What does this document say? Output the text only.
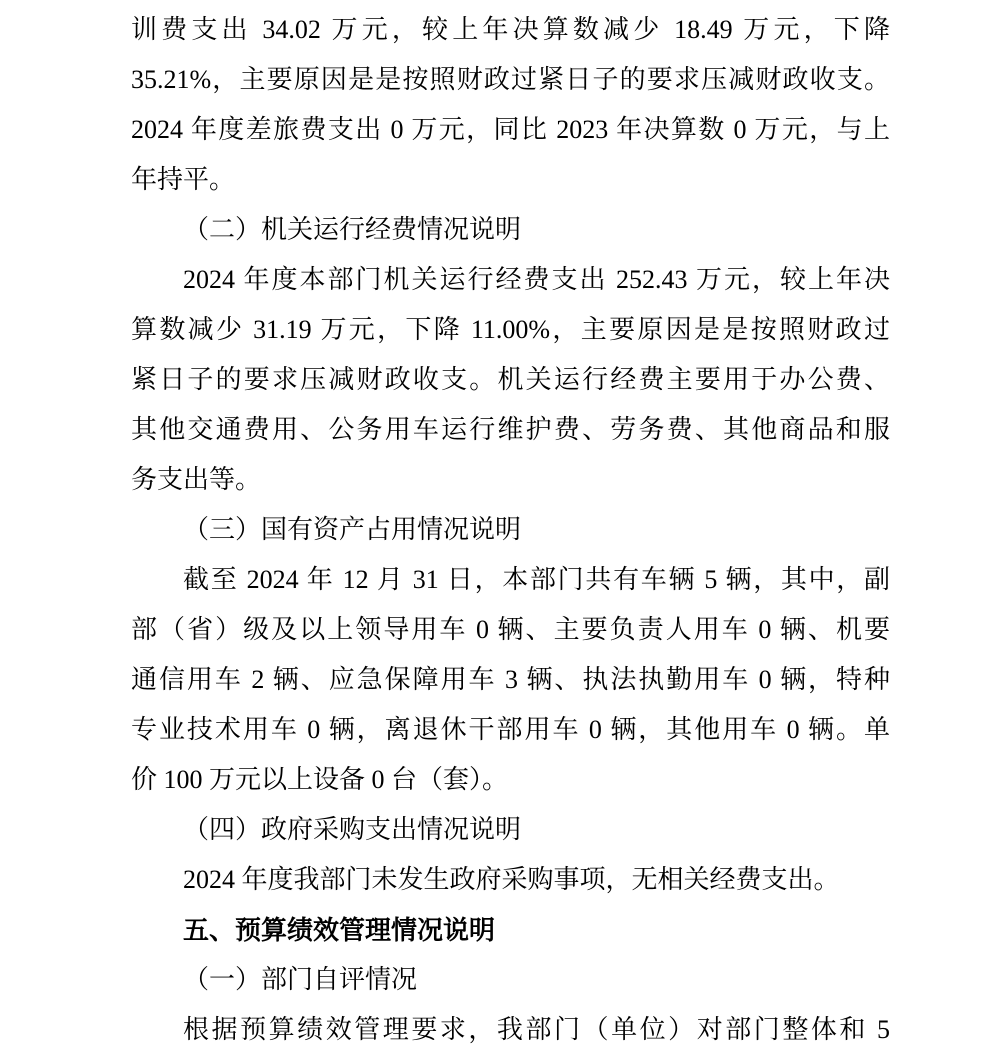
训费支出 34.02 万元，较上年决算数减少 18.49 万元，下降
35.21%，主要原因是是按照财政过紧日子的要求压减财政收支。
2024 年度差旅费支出 0 万元，同比 2023 年决算数 0 万元，与上
年持平。
（二）机关运行经费情况说明
2024 年度本部门机关运行经费支出 252.43 万元，较上年决
算数减少 31.19 万元，下降 11.00%，主要原因是是按照财政过
紧日子的要求压减财政收支。机关运行经费主要用于办公费、
其他交通费用、公务用车运行维护费、劳务费、其他商品和服
务支出等。
（三）国有资产占用情况说明
截至 2024 年 12 月 31 日，本部门共有车辆 5 辆，其中，副
部（省）级及以上领导用车 0 辆、主要负责人用车 0 辆、机要
通信用车 2 辆、应急保障用车 3 辆、执法执勤用车 0 辆，特种
专业技术用车 0 辆，离退休干部用车 0 辆，其他用车 0 辆。单
价 100 万元以上设备 0 台（套）。
（四）政府采购支出情况说明
2024 年度我部门未发生政府采购事项，无相关经费支出。
五、预算绩效管理情况说明
（一）部门自评情况
根据预算绩效管理要求，我部门（单位）对部门整体和 5
